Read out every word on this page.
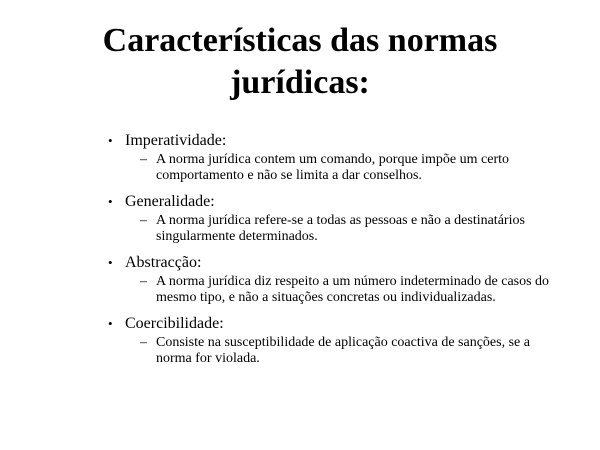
Características das normas
jurídicas:
• Imperatividade:
– A norma jurídica contem um comando, porque impõe um certo comportamento e não se limita a dar conselhos.
• Generalidade:
– A norma jurídica refere-se a todas as pessoas e não a destinatários singularmente determinados.
• Abstracção:
– A norma jurídica diz respeito a um número indeterminado de casos do mesmo tipo, e não a situações concretas ou individualizadas.
• Coercibilidade:
– Consiste na susceptibilidade de aplicação coactiva de sanções, se a norma for violada.
